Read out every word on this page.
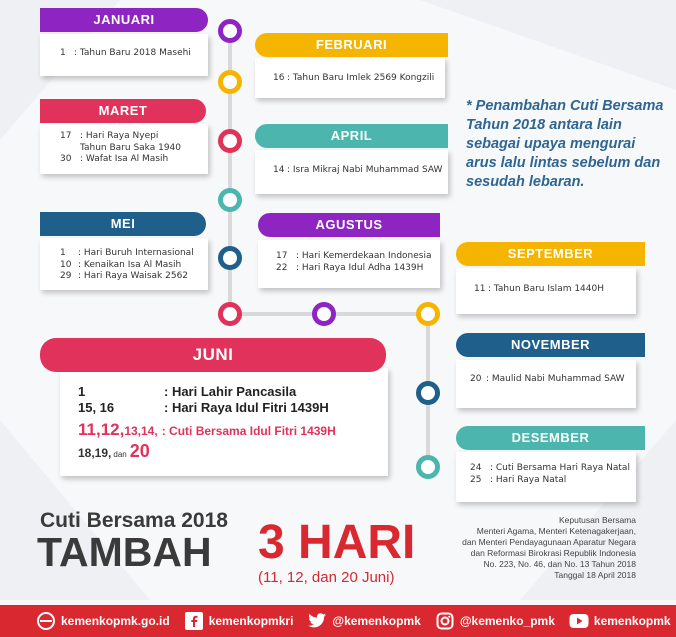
JANUARI
1 : Tahun Baru 2018 Masehi
FEBRUARI
16 : Tahun Baru Imlek 2569 Kongzili
MARET
17 : Hari Raya Nyepi
Tahun Baru Saka 1940
30 : Wafat Isa Al Masih
APRIL
14 : Isra Mikraj Nabi Muhammad SAW
MEI
1	: Hari Buruh Internasional
10 : Kenaikan Isa Al Masih
29 : Hari Raya Waisak 2562
AGUSTUS
17 : Hari Kemerdekaan Indonesia
22 : Hari Raya Idul Adha 1439H
SEPTEMBER
11 : Tahun Baru Islam 1440H
NOVEMBER
20 : Maulid Nabi Muhammad SAW
DESEMBER
24 : Cuti Bersama Hari Raya Natal
25 : Hari Raya Natal
JUNI
1	: Hari Lahir Pancasila
15, 16	: Hari Raya Idul Fitri 1439H
11,12, 13,14, : Cuti Bersama Idul Fitri 1439H
18,19, dan 20
* Penambahan Cuti Bersama Tahun 2018 antara lain sebagai upaya mengurai arus lalu lintas sebelum dan sesudah lebaran.
Cuti Bersama 2018
TAMBAH 3 HARI
(11, 12, dan 20 Juni)
Keputusan Bersama
Menteri Agama, Menteri Ketenagakerjaan,
dan Menteri Pendayagunaan Aparatur Negara
dan Reformasi Birokrasi Republik Indonesia
No. 223, No. 46, dan No. 13 Tahun 2018
Tanggal 18 April 2018
kemenkopmk.go.id	kemenkopmkri	@kemenkopmk	@kemenko_pmk	kemenkopmk
